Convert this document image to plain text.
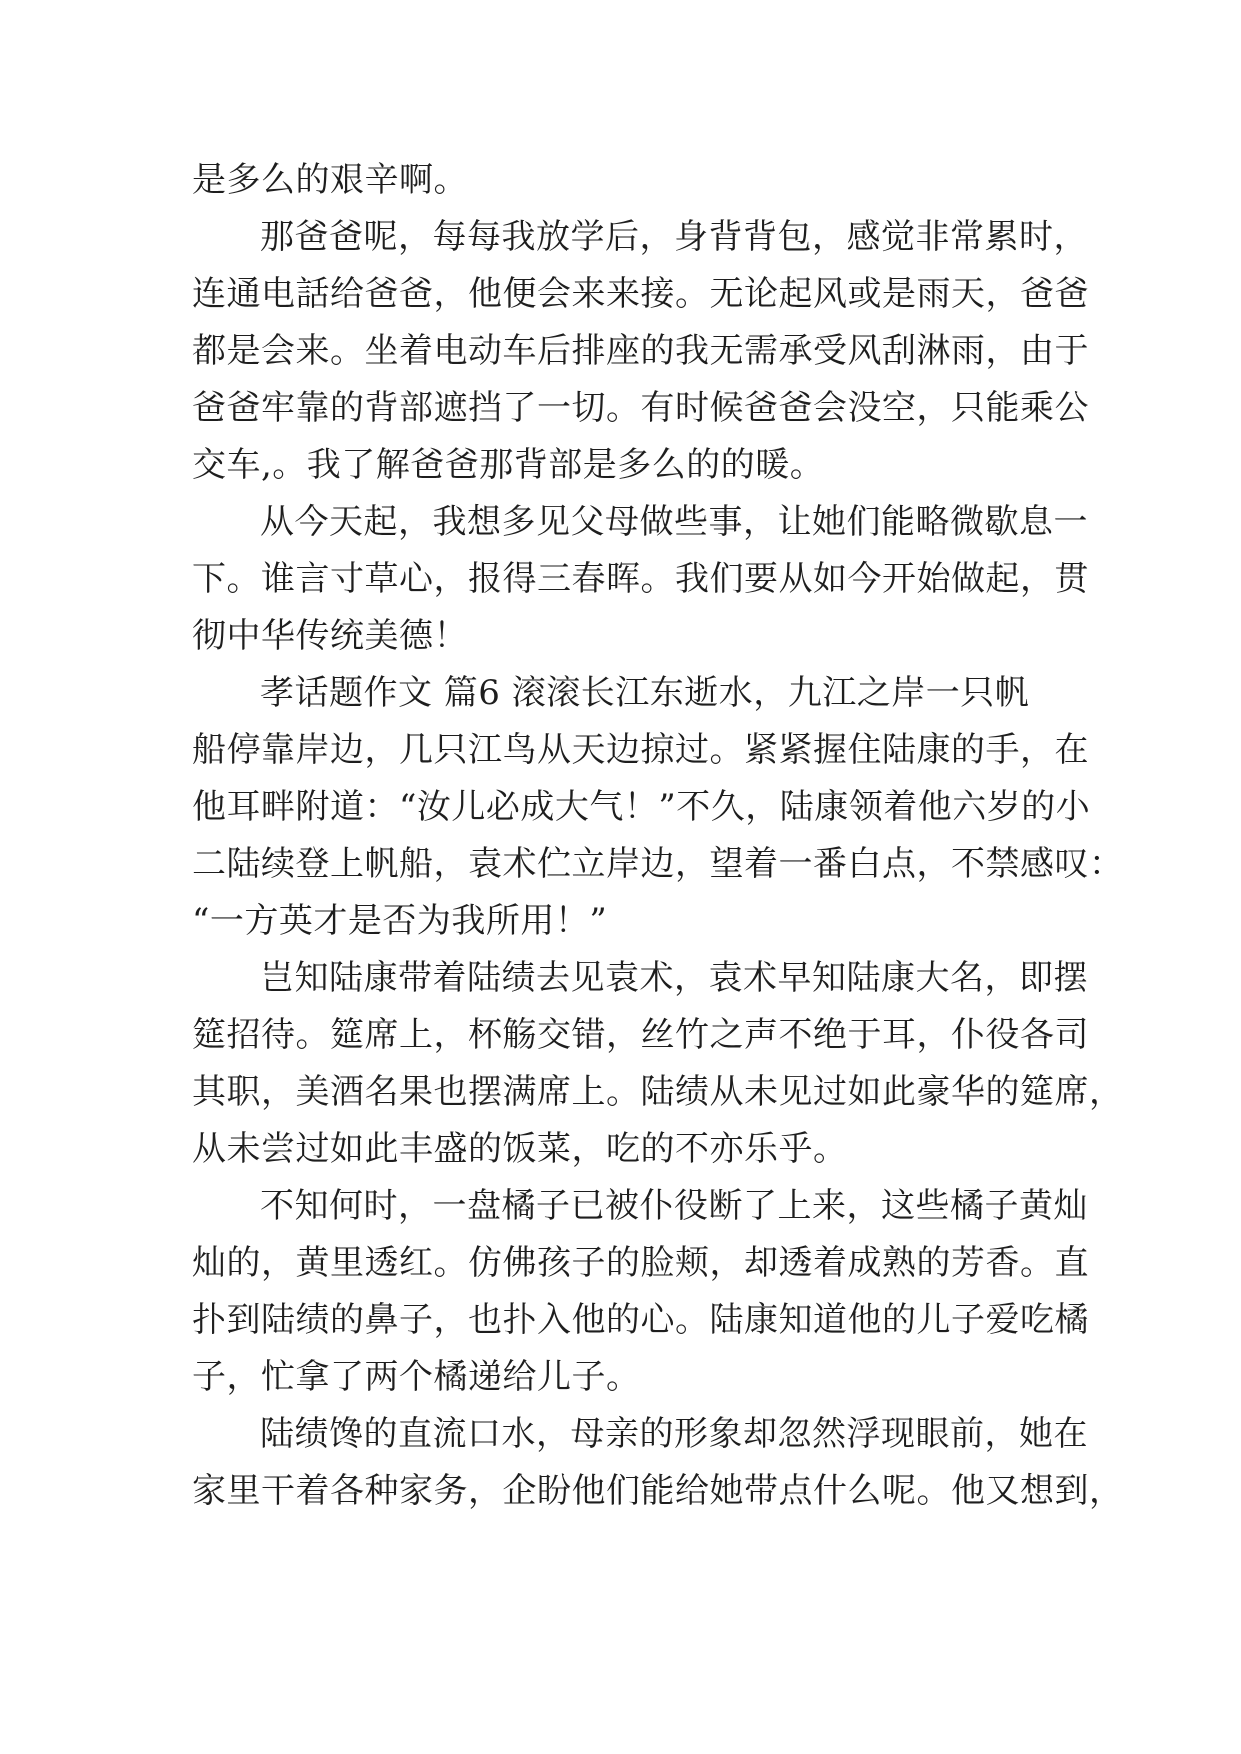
是多么的艰辛啊。
那爸爸呢，每每我放学后，身背背包，感觉非常累时，
连通电話给爸爸，他便会来来接。无论起风或是雨天，爸爸
都是会来。坐着电动车后排座的我无需承受风刮淋雨，由于
爸爸牢靠的背部遮挡了一切。有时候爸爸会没空，只能乘公
交车,。我了解爸爸那背部是多么的的暖。
从今天起，我想多见父母做些事，让她们能略微歇息一
下。谁言寸草心，报得三春晖。我们要从如今开始做起，贯
彻中华传统美德！
孝话题作文 篇6 滚滚长江东逝水，九江之岸一只帆
船停靠岸边，几只江鸟从天边掠过。紧紧握住陆康的手，在
他耳畔附道：“汝儿必成大气！”不久，陆康领着他六岁的小
二陆续登上帆船，袁术伫立岸边，望着一番白点，不禁感叹：
“一方英才是否为我所用！”
岂知陆康带着陆绩去见袁术，袁术早知陆康大名，即摆
筵招待。筵席上，杯觞交错，丝竹之声不绝于耳，仆役各司
其职，美酒名果也摆满席上。陆绩从未见过如此豪华的筵席，
从未尝过如此丰盛的饭菜，吃的不亦乐乎。
不知何时，一盘橘子已被仆役断了上来，这些橘子黄灿
灿的，黄里透红。仿佛孩子的脸颊，却透着成熟的芳香。直
扑到陆绩的鼻子，也扑入他的心。陆康知道他的儿子爱吃橘
子，忙拿了两个橘递给儿子。
陆绩馋的直流口水，母亲的形象却忽然浮现眼前，她在
家里干着各种家务，企盼他们能给她带点什么呢。他又想到，
